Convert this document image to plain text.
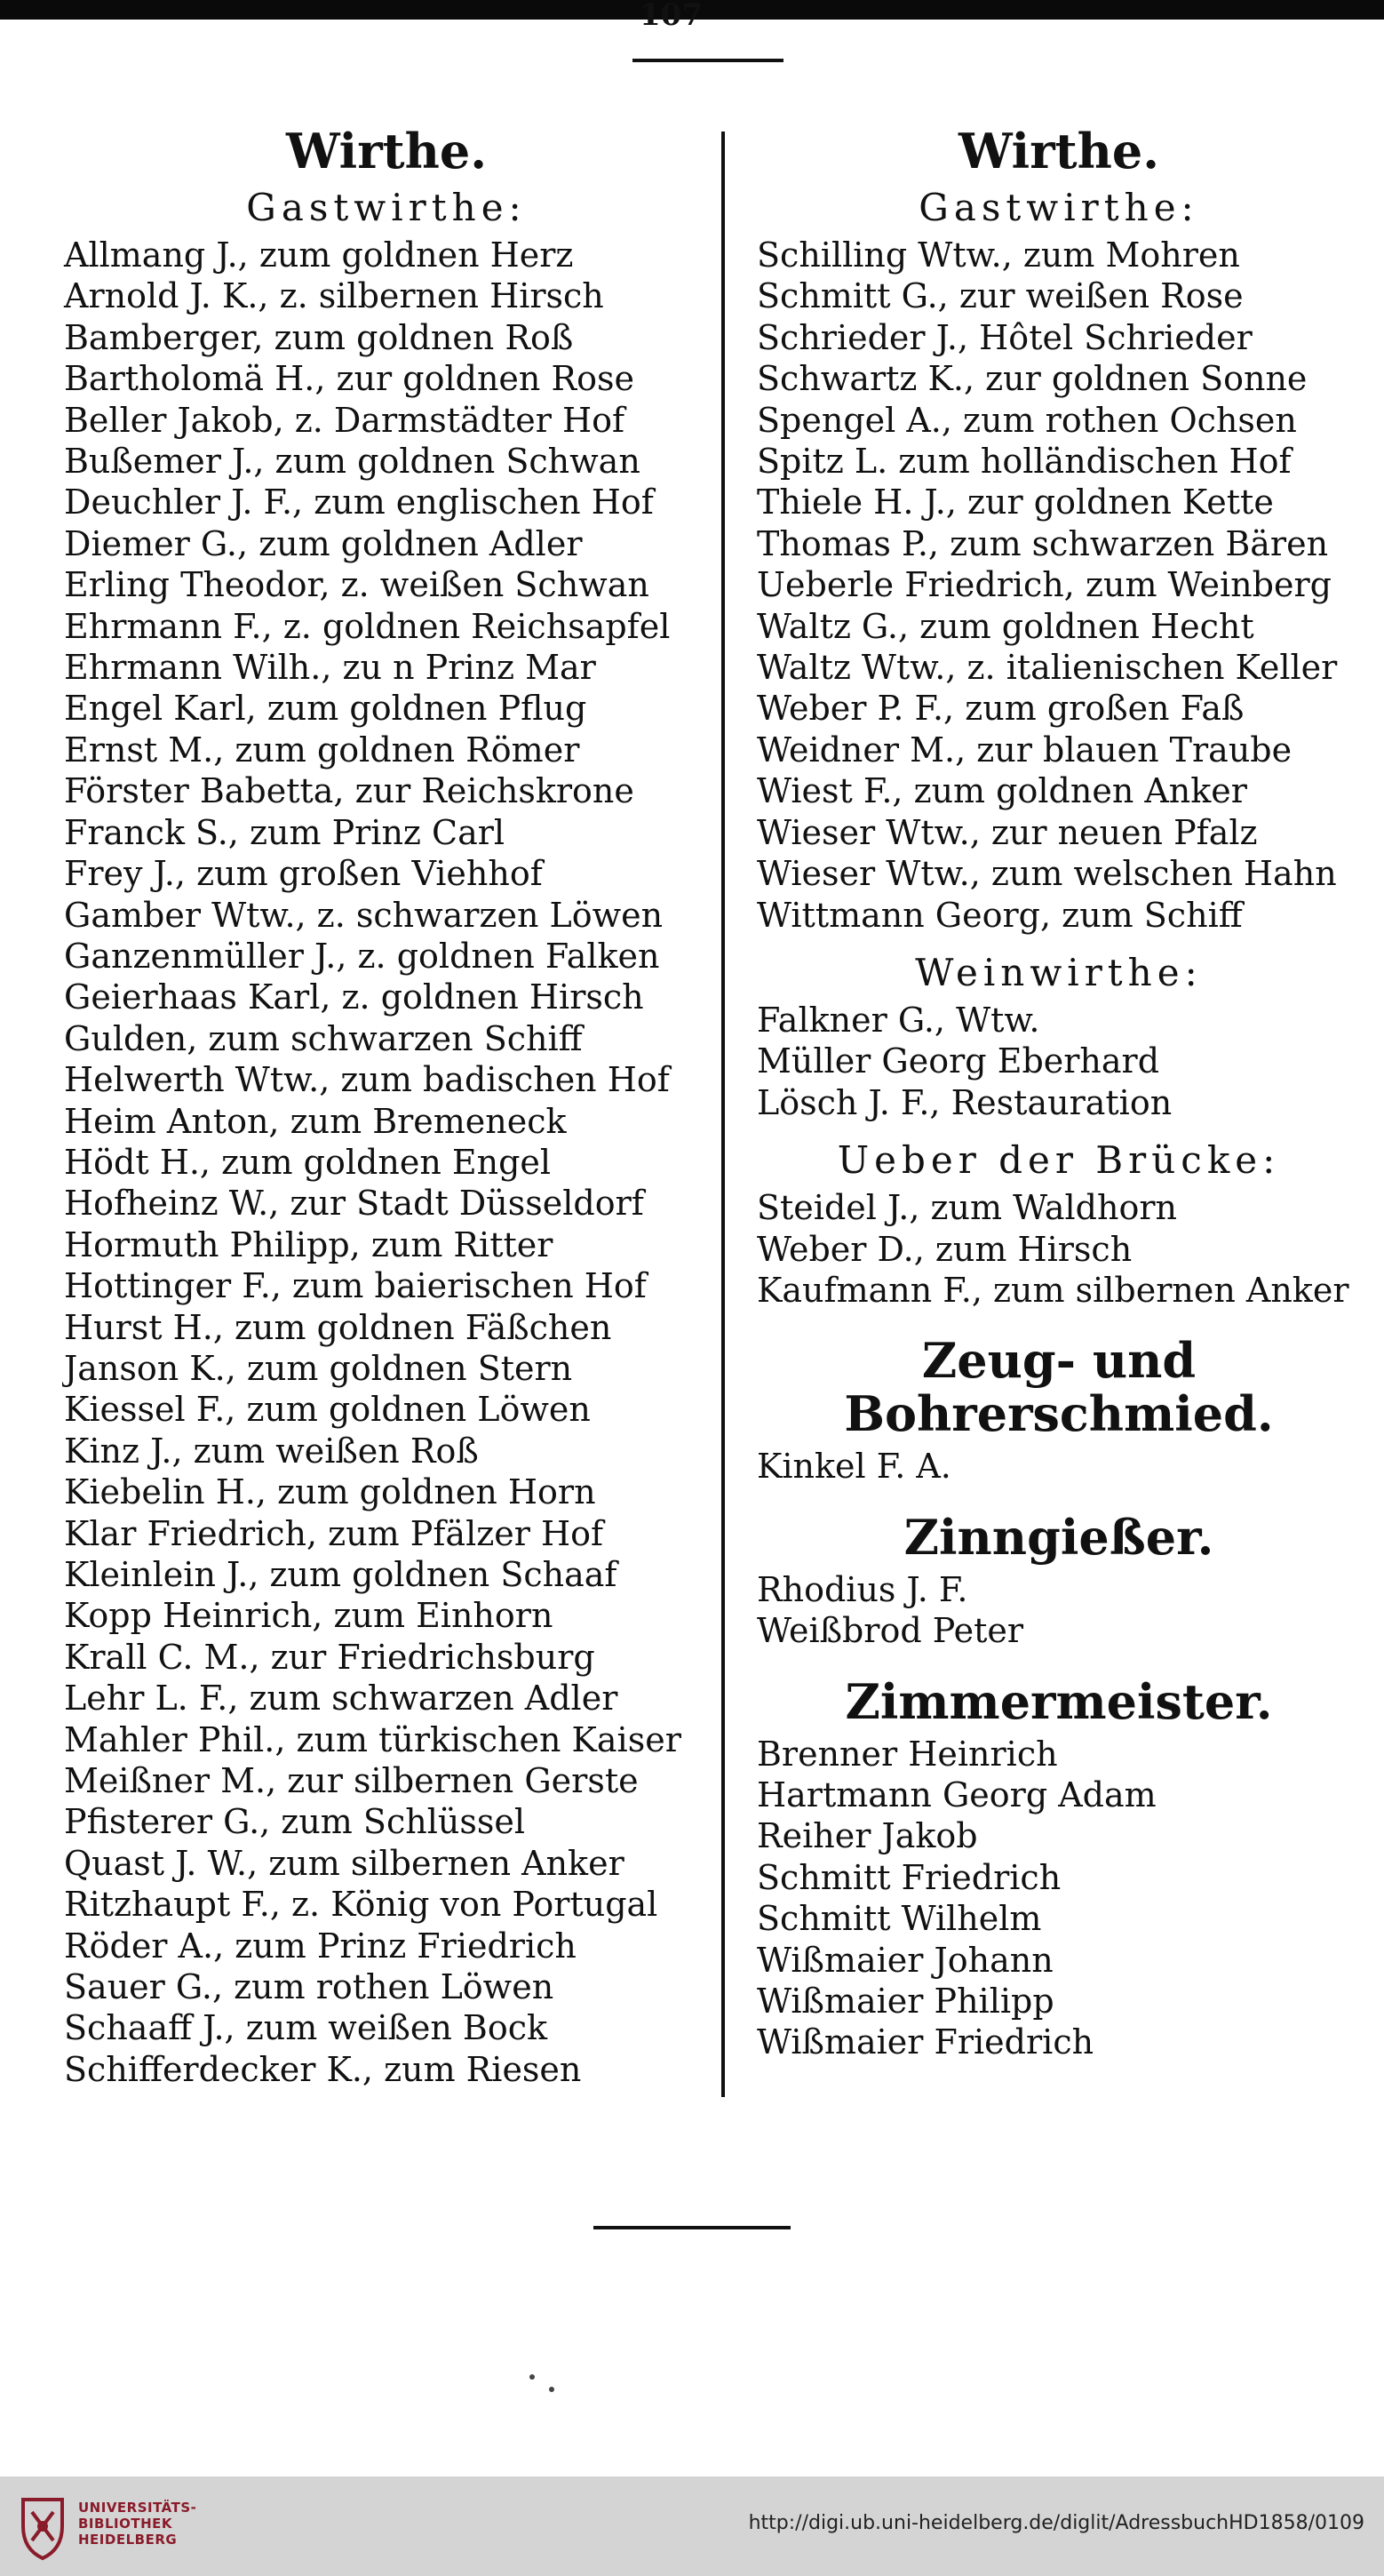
107
Wirthe.
Gastwirthe:
Allmang J., zum goldnen Herz
Arnold J. K., z. silbernen Hirsch
Bamberger, zum goldnen Roß
Bartholomä H., zur goldnen Rose
Beller Jakob, z. Darmstädter Hof
Bußemer J., zum goldnen Schwan
Deuchler J. F., zum englischen Hof
Diemer G., zum goldnen Adler
Erling Theodor, z. weißen Schwan
Ehrmann F., z. goldnen Reichsapfel
Ehrmann Wilh., zu n Prinz Mar
Engel Karl, zum goldnen Pflug
Ernst M., zum goldnen Römer
Förster Babetta, zur Reichskrone
Franck S., zum Prinz Carl
Frey J., zum großen Viehhof
Gamber Wtw., z. schwarzen Löwen
Ganzenmüller J., z. goldnen Falken
Geierhaas Karl, z. goldnen Hirsch
Gulden, zum schwarzen Schiff
Helwerth Wtw., zum badischen Hof
Heim Anton, zum Bremeneck
Hödt H., zum goldnen Engel
Hofheinz W., zur Stadt Düsseldorf
Hormuth Philipp, zum Ritter
Hottinger F., zum baierischen Hof
Hurst H., zum goldnen Fäßchen
Janson K., zum goldnen Stern
Kiessel F., zum goldnen Löwen
Kinz J., zum weißen Roß
Kiebelin H., zum goldnen Horn
Klar Friedrich, zum Pfälzer Hof
Kleinlein J., zum goldnen Schaaf
Kopp Heinrich, zum Einhorn
Krall C. M., zur Friedrichsburg
Lehr L. F., zum schwarzen Adler
Mahler Phil., zum türkischen Kaiser
Meißner M., zur silbernen Gerste
Pfisterer G., zum Schlüssel
Quast J. W., zum silbernen Anker
Ritzhaupt F., z. König von Portugal
Röder A., zum Prinz Friedrich
Sauer G., zum rothen Löwen
Schaaff J., zum weißen Bock
Schifferdecker K., zum Riesen
Wirthe.
Gastwirthe:
Schilling Wtw., zum Mohren
Schmitt G., zur weißen Rose
Schrieder J., Hôtel Schrieder
Schwartz K., zur goldnen Sonne
Spengel A., zum rothen Ochsen
Spitz L. zum holländischen Hof
Thiele H. J., zur goldnen Kette
Thomas P., zum schwarzen Bären
Ueberle Friedrich, zum Weinberg
Waltz G., zum goldnen Hecht
Waltz Wtw., z. italienischen Keller
Weber P. F., zum großen Faß
Weidner M., zur blauen Traube
Wiest F., zum goldnen Anker
Wieser Wtw., zur neuen Pfalz
Wieser Wtw., zum welschen Hahn
Wittmann Georg, zum Schiff
Weinwirthe:
Falkner G., Wtw.
Müller Georg Eberhard
Lösch J. F., Restauration
Ueber der Brücke:
Steidel J., zum Waldhorn
Weber D., zum Hirsch
Kaufmann F., zum silbernen Anker
Zeug- und Bohrerschmied.
Kinkel F. A.
Zinngießer.
Rhodius J. F.
Weißbrod Peter
Zimmermeister.
Brenner Heinrich
Hartmann Georg Adam
Reiher Jakob
Schmitt Friedrich
Schmitt Wilhelm
Wißmaier Johann
Wißmaier Philipp
Wißmaier Friedrich
UNIVERSITÄTS-
BIBLIOTHEK
HEIDELBERG
http://digi.ub.uni-heidelberg.de/diglit/AdressbuchHD1858/0109
